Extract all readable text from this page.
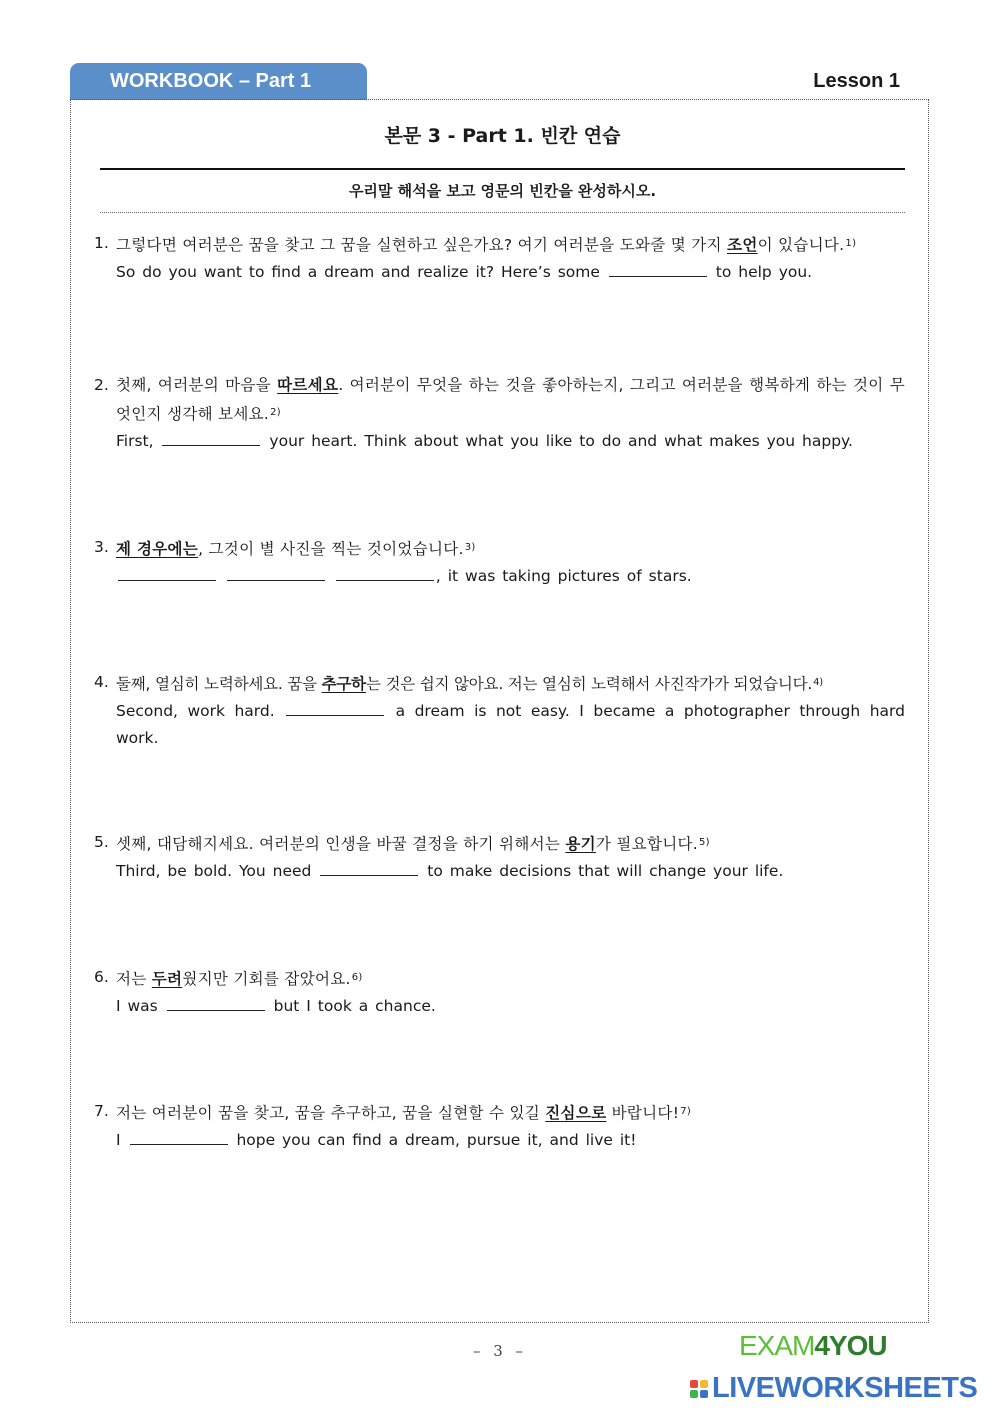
WORKBOOK – Part 1	Lesson 1
본문 3 - Part 1. 빈칸 연습
우리말 해석을 보고 영문의 빈칸을 완성하시오.
1. 그렇다면 여러분은 꿈을 찾고 그 꿈을 실현하고 싶은가요? 여기 여러분을 도와줄 몇 가지 조언이 있습니다.$^{1)}$
So do you want to find a dream and realize it? Here’s some	to help you.
2. 첫째, 여러분의 마음을 따르세요. 여러분이 무엇을 하는 것을 좋아하는지, 그리고 여러분을 행복하게 하는 것이 무엇인지 생각해 보세요.$^{2)}$
First,	your heart. Think about what you like to do and what makes you happy.
3. 제 경우에는, 그것이 별 사진을 찍는 것이었습니다.$^{3)}$
, it was taking pictures of stars.
4. 둘째, 열심히 노력하세요. 꿈을 추구하는 것은 쉽지 않아요. 저는 열심히 노력해서 사진작가가 되었습니다.$^{4)}$
Second, work hard.	a dream is not easy. I became a photographer through hard work.
5. 셋째, 대담해지세요. 여러분의 인생을 바꿀 결정을 하기 위해서는 용기가 필요합니다.$^{5)}$
Third, be bold. You need	to make decisions that will change your life.
6. 저는 두려웠지만 기회를 잡았어요.$^{6)}$
I was	but I took a chance.
7. 저는 여러분이 꿈을 찾고, 꿈을 추구하고, 꿈을 실현할 수 있길 진심으로 바랍니다!$^{7)}$
I	hope you can find a dream, pursue it, and live it!
– 3 –	EXAM4YOU
LIVEWORKSHEETS
